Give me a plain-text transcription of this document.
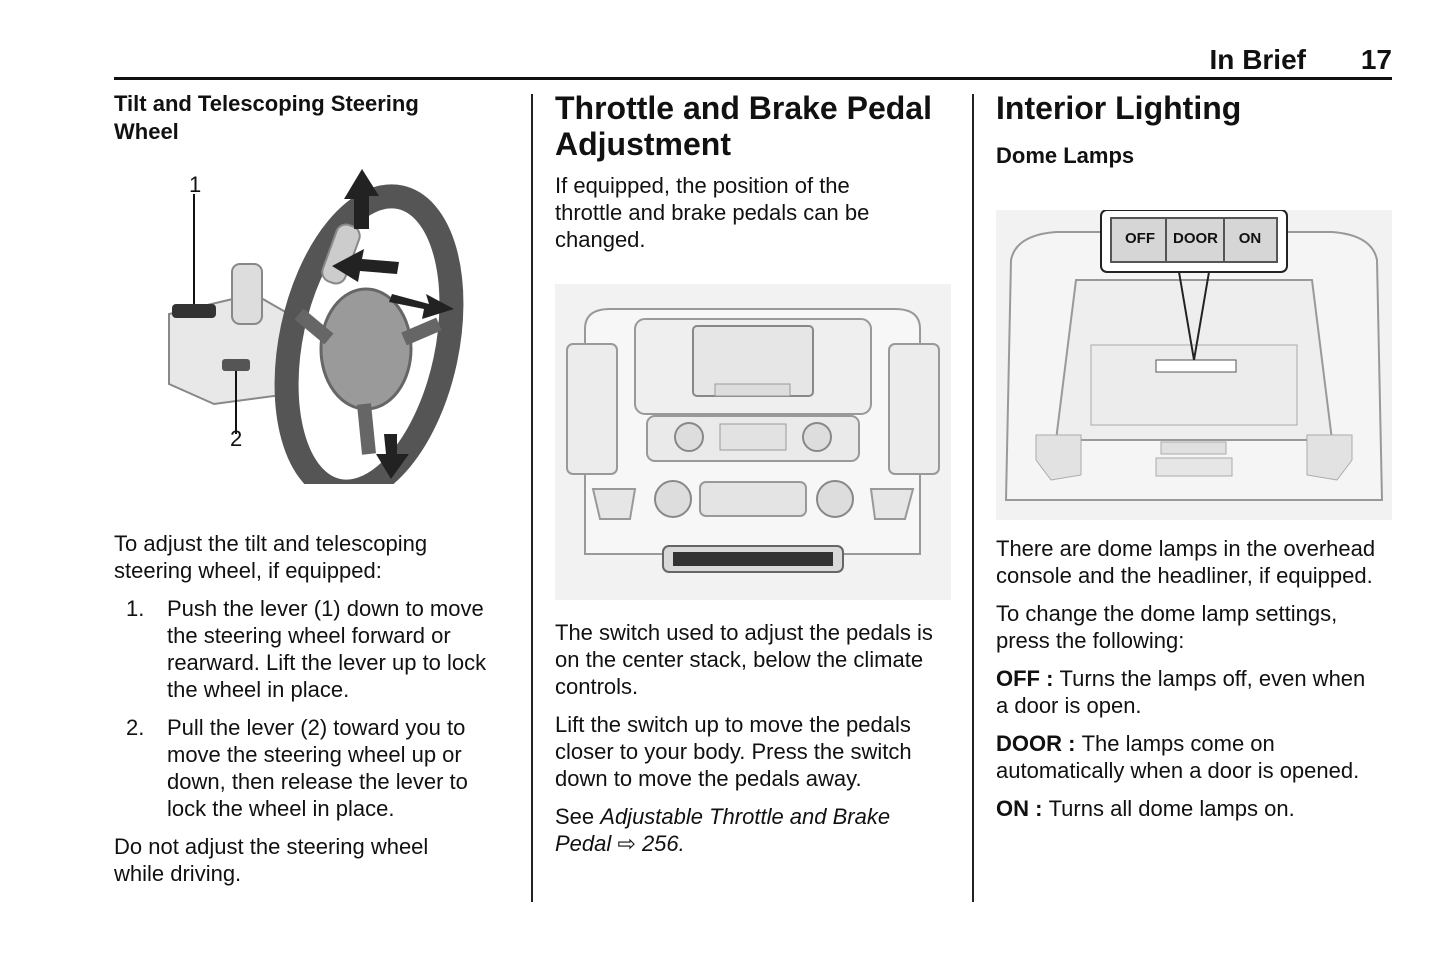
In Brief 17
Tilt and Telescoping Steering Wheel
1
2

To adjust the tilt and telescoping steering wheel, if equipped:

1. Push the lever (1) down to move the steering wheel forward or rearward. Lift the lever up to lock the wheel in place.
2. Pull the lever (2) toward you to move the steering wheel up or down, then release the lever to lock the wheel in place.

Do not adjust the steering wheel while driving.

Throttle and Brake Pedal Adjustment

If equipped, the position of the throttle and brake pedals can be changed.

The switch used to adjust the pedals is on the center stack, below the climate controls.

Lift the switch up to move the pedals closer to your body. Press the switch down to move the pedals away.

See Adjustable Throttle and Brake Pedal ⇨ 256.

Interior Lighting
Dome Lamps
OFF	DOOR	ON

There are dome lamps in the overhead console and the headliner, if equipped.

To change the dome lamp settings, press the following:

OFF : Turns the lamps off, even when a door is open.

DOOR : The lamps come on automatically when a door is opened.

ON : Turns all dome lamps on.
